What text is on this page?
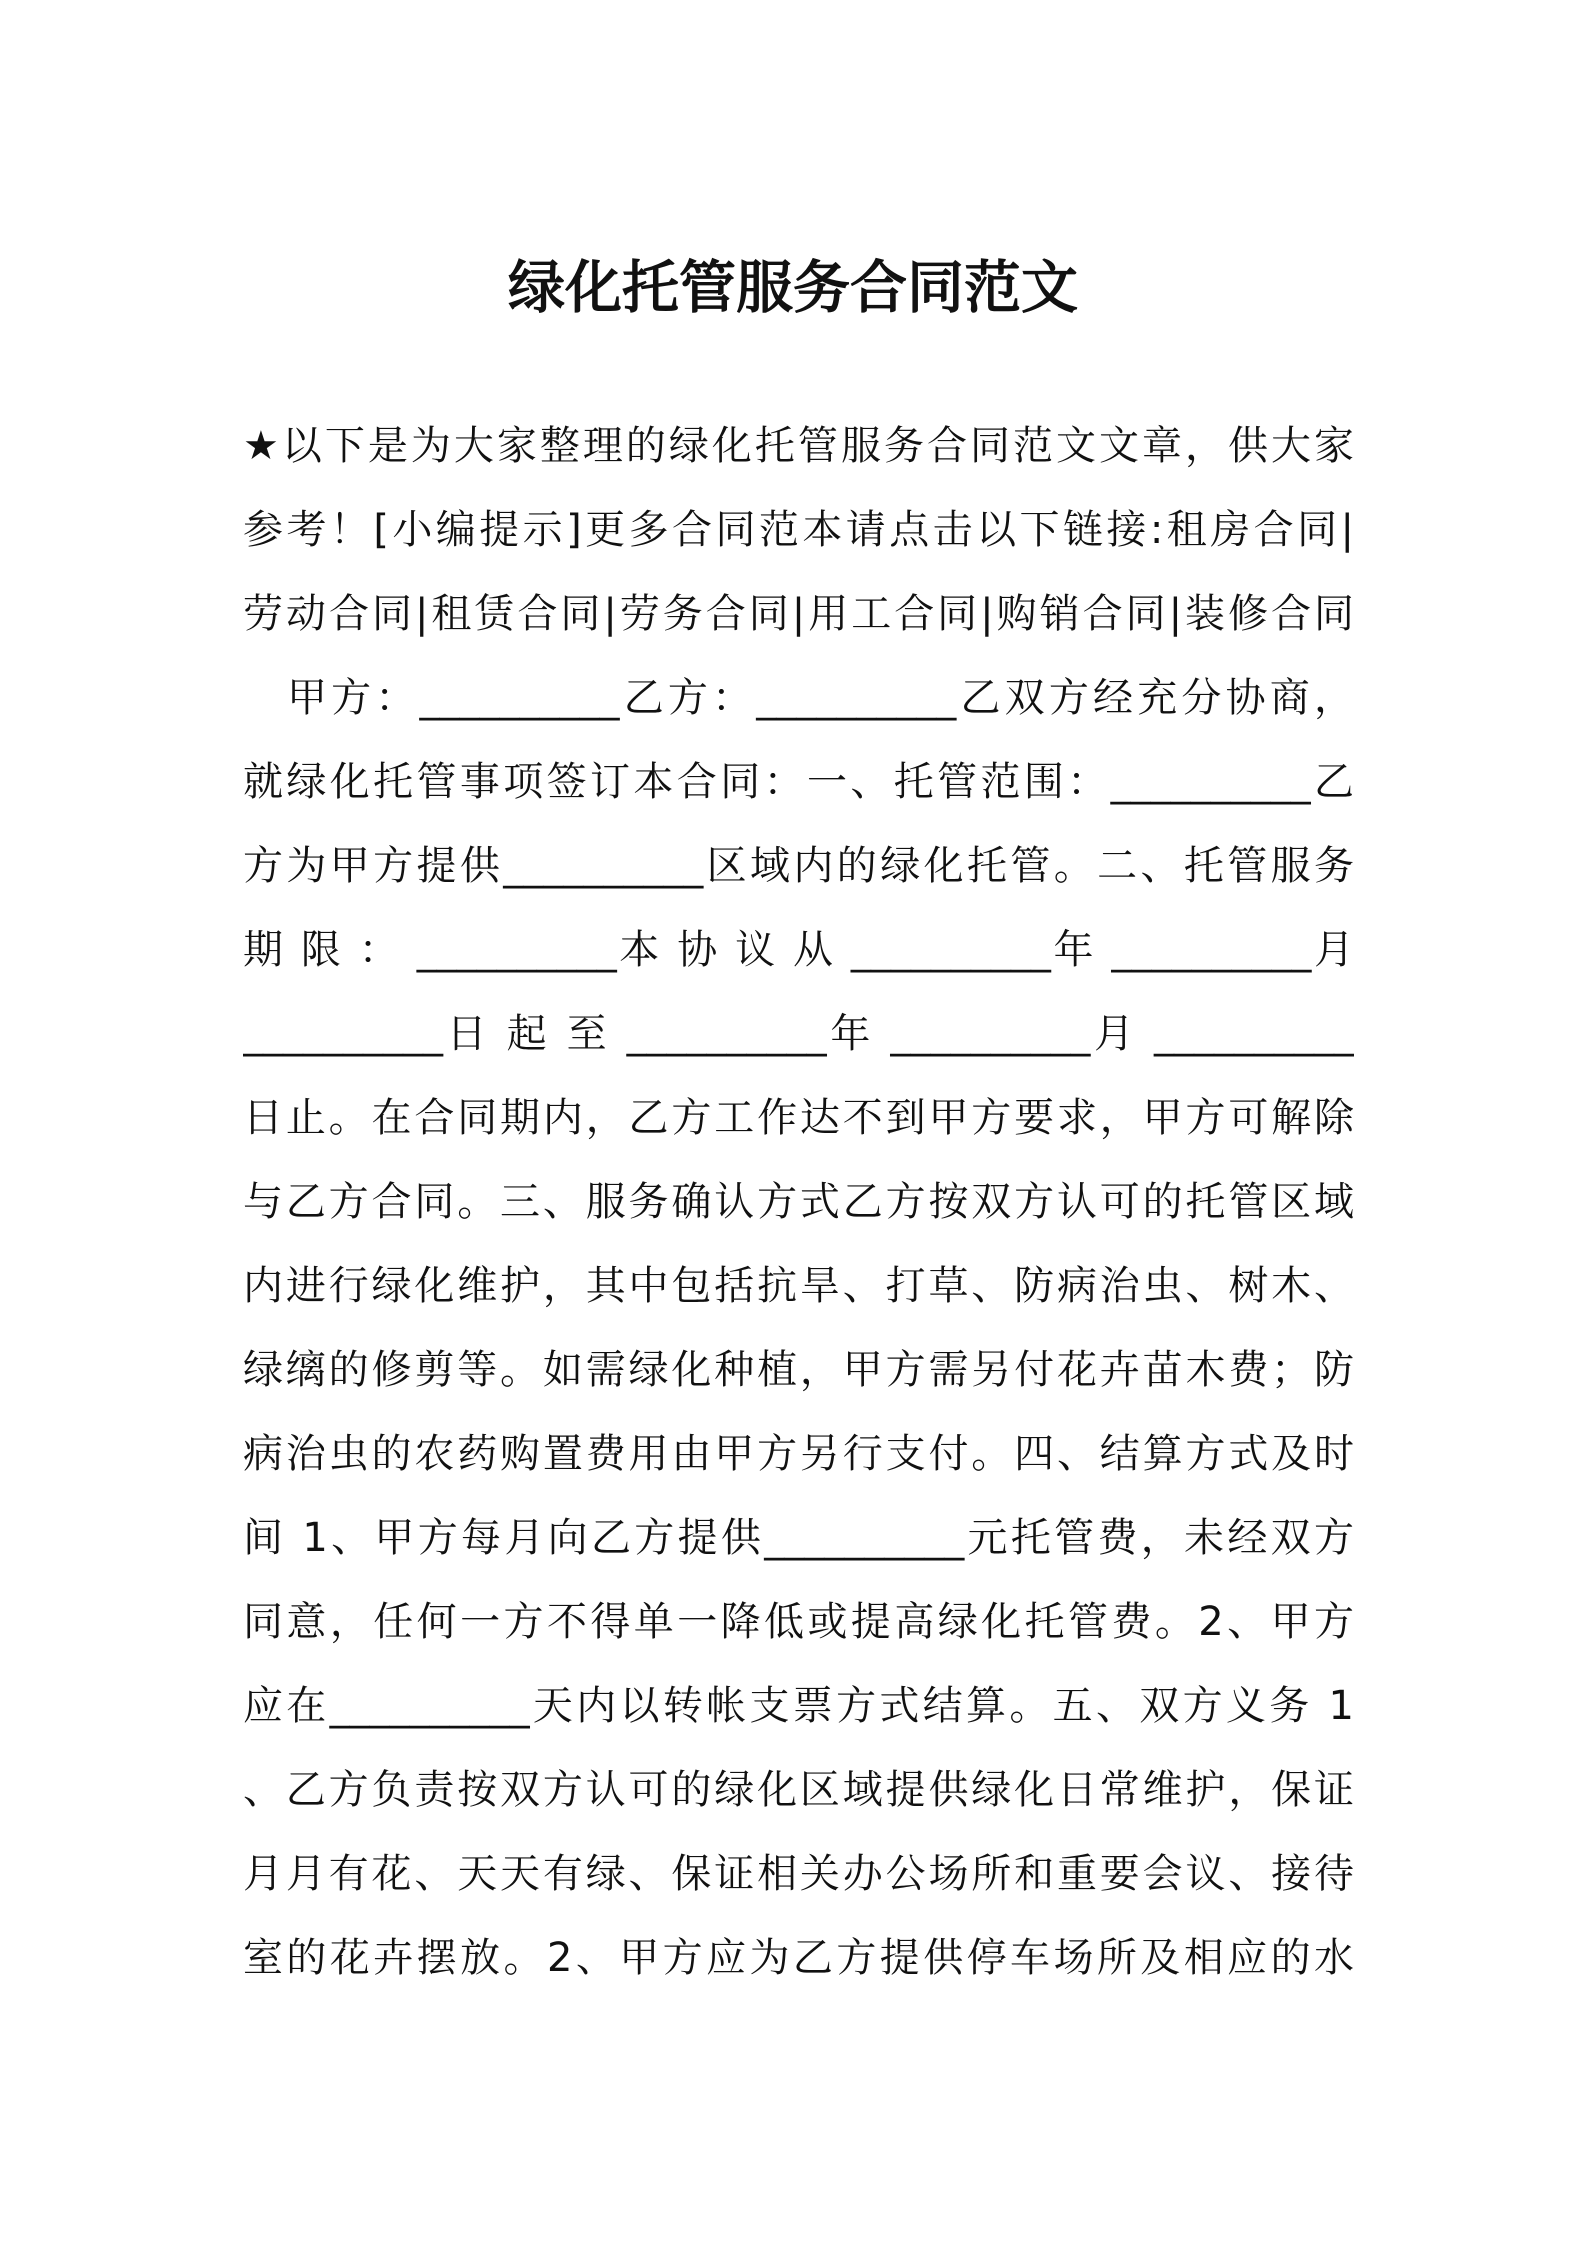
绿化托管服务合同范文
★以下是为大家整理的绿化托管服务合同范文文章，供大家
参考！[小编提示]更多合同范本请点击以下链接:租房合同|
劳动合同|租赁合同|劳务合同|用工合同|购销合同|装修合同
甲方：__________乙方：__________乙双方经充分协商，
就绿化托管事项签订本合同：一、托管范围：__________乙
方为甲方提供__________区域内的绿化托管。二、托管服务
期 限 ： __________本 协 议 从 __________年 __________月
__________日 起 至 __________年 __________月 __________
日止。在合同期内，乙方工作达不到甲方要求，甲方可解除
与乙方合同。三、服务确认方式乙方按双方认可的托管区域
内进行绿化维护，其中包括抗旱、打草、防病治虫、树木、
绿缡的修剪等。如需绿化种植，甲方需另付花卉苗木费；防
病治虫的农药购置费用由甲方另行支付。四、结算方式及时
间 1、甲方每月向乙方提供__________元托管费，未经双方
同意，任何一方不得单一降低或提高绿化托管费。2、甲方
应在__________天内以转帐支票方式结算。五、双方义务 1
、乙方负责按双方认可的绿化区域提供绿化日常维护，保证
月月有花、天天有绿、保证相关办公场所和重要会议、接待
室的花卉摆放。2、甲方应为乙方提供停车场所及相应的水
